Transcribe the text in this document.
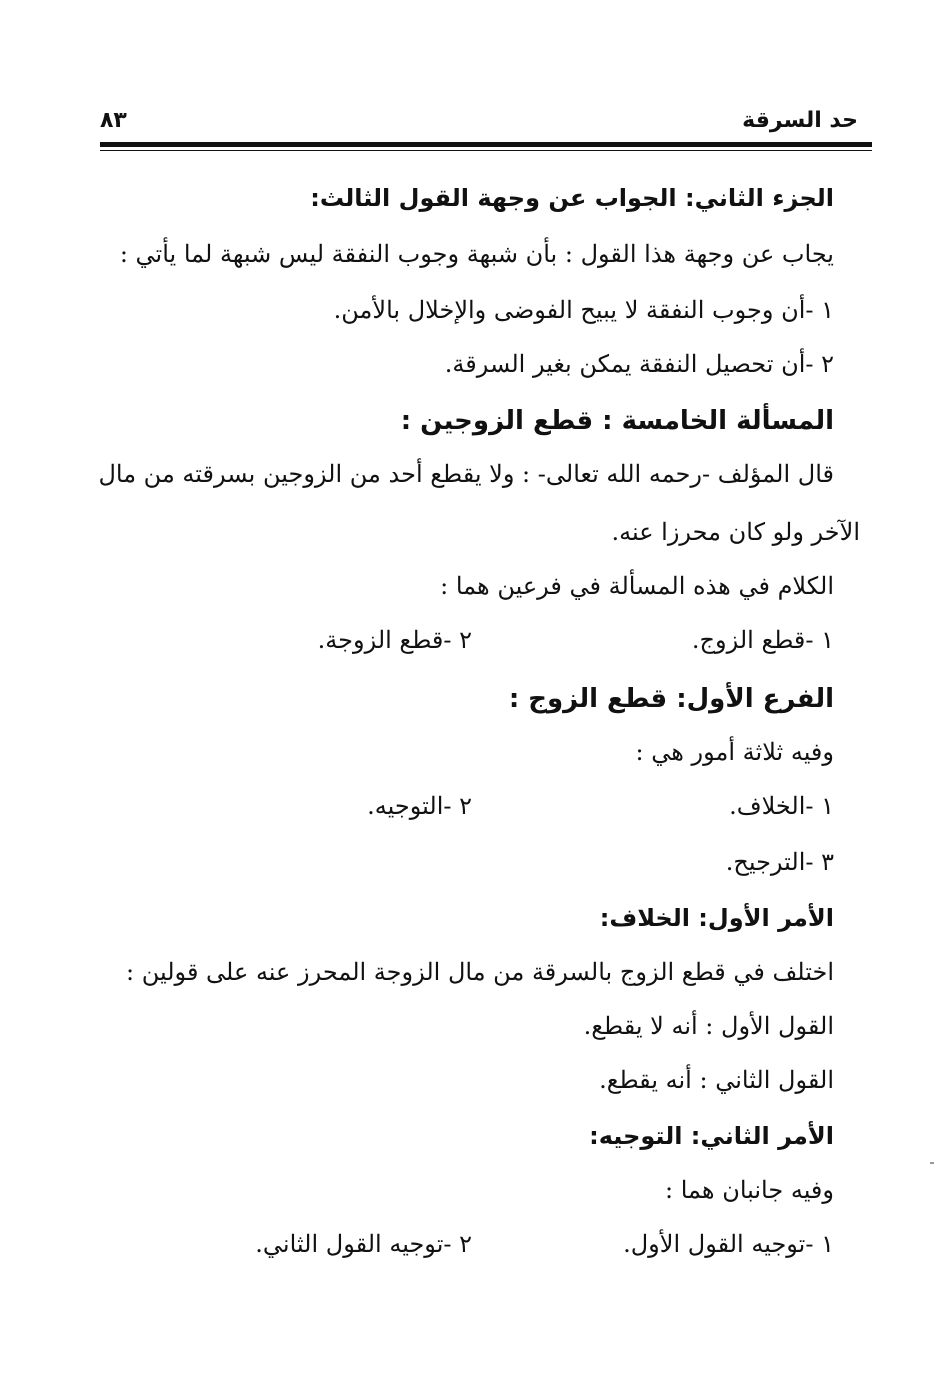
حد السرقة
٨٣
الجزء الثاني: الجواب عن وجهة القول الثالث:
يجاب عن وجهة هذا القول : بأن شبهة وجوب النفقة ليس شبهة لما يأتي :
١ -أن وجوب النفقة لا يبيح الفوضى والإخلال بالأمن.
٢ -أن تحصيل النفقة يمكن بغير السرقة.
المسألة الخامسة : قطع الزوجين :
قال المؤلف -رحمه الله تعالى- : ولا يقطع أحد من الزوجين بسرقته من مال
الآخر ولو كان محرزا عنه.
الكلام في هذه المسألة في فرعين هما :
١ -قطع الزوج.
٢ -قطع الزوجة.
الفرع الأول: قطع الزوج :
وفيه ثلاثة أمور هي :
١ -الخلاف.
٢ -التوجيه.
٣ -الترجيح.
الأمر الأول: الخلاف:
اختلف في قطع الزوج بالسرقة من مال الزوجة المحرز عنه على قولين :
القول الأول : أنه لا يقطع.
القول الثاني : أنه يقطع.
الأمر الثاني: التوجيه:
وفيه جانبان هما :
١ -توجيه القول الأول.
٢ -توجيه القول الثاني.
